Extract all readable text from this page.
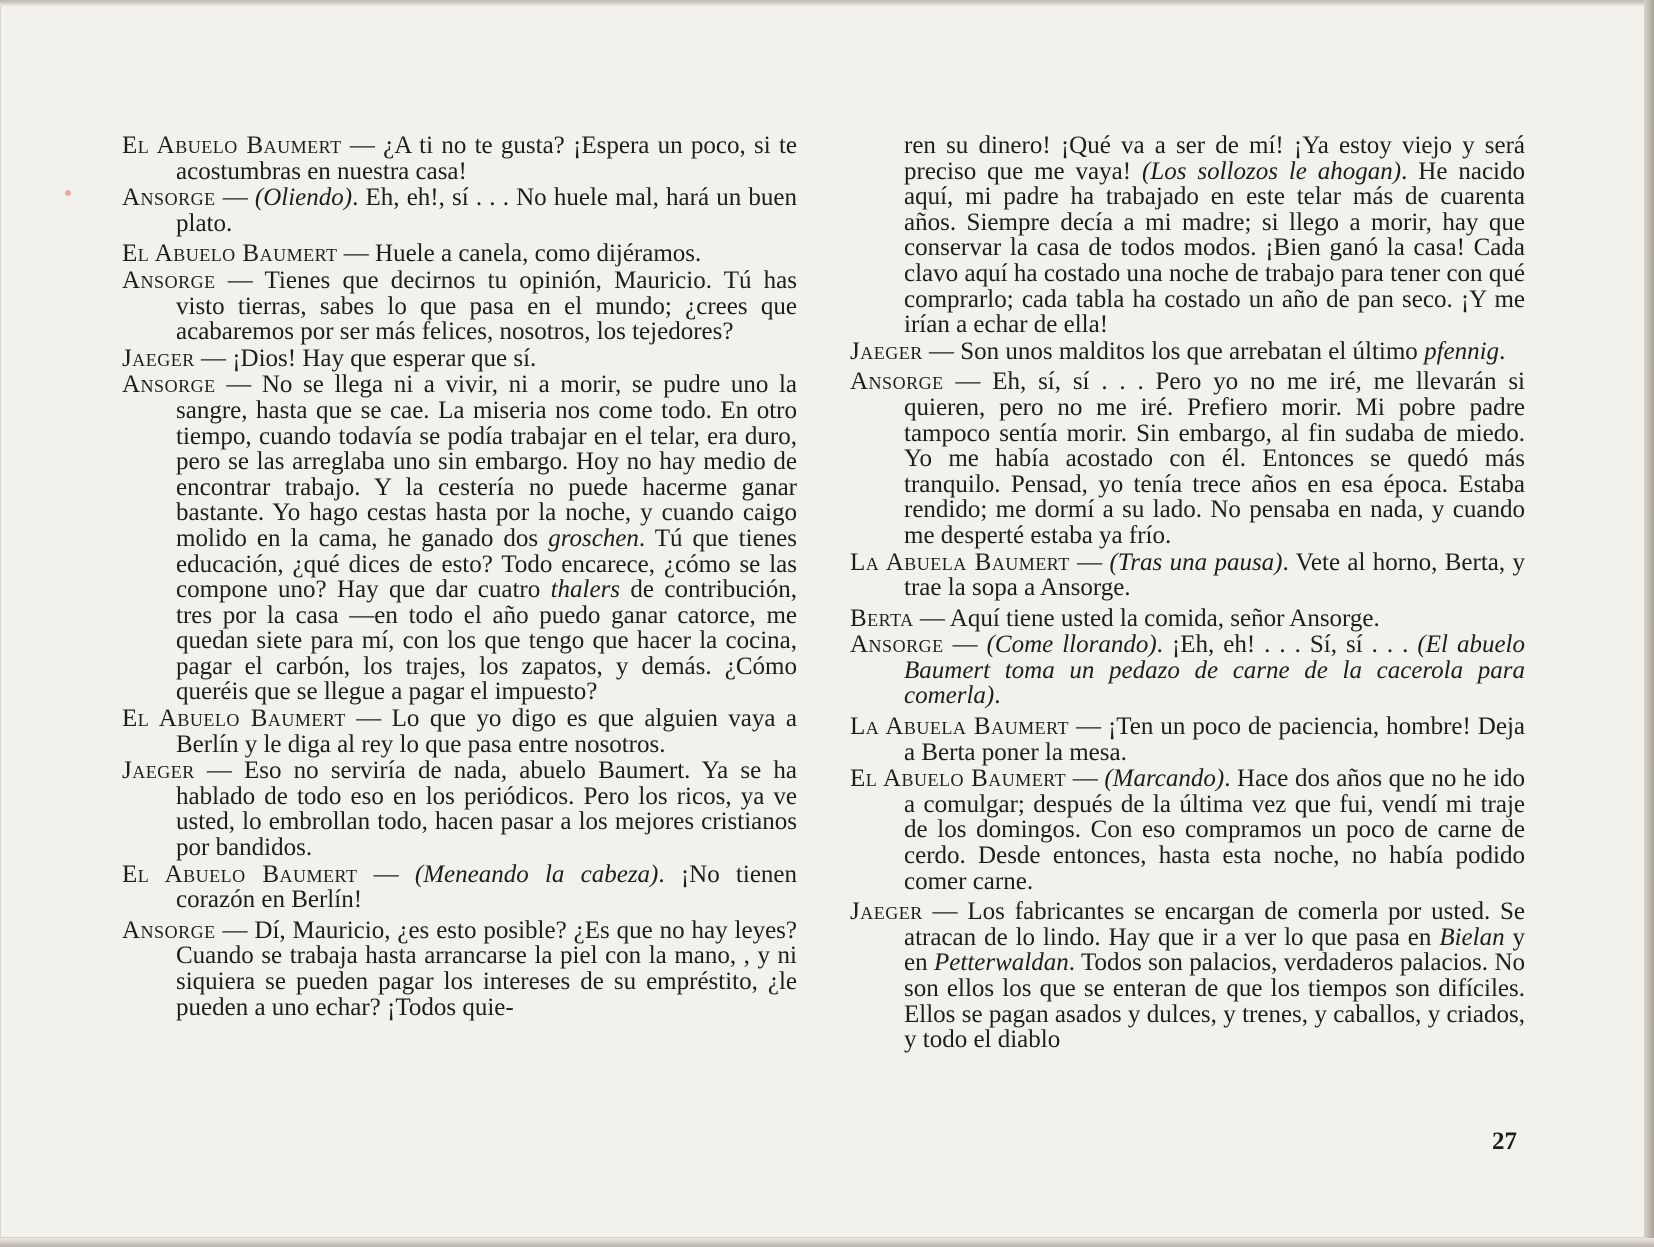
El Abuelo Baumert — ¿A ti no te gusta? ¡Espera un poco, si te acostumbras en nuestra casa!

Ansorge — (Oliendo). Eh, eh!, sí . . . No huele mal, hará un buen plato.

El Abuelo Baumert — Huele a canela, como dijéramos.

Ansorge — Tienes que decirnos tu opinión, Mauricio. Tú has visto tierras, sabes lo que pasa en el mundo; ¿crees que acabaremos por ser más felices, nosotros, los tejedores?

Jaeger — ¡Dios! Hay que esperar que sí.

Ansorge — No se llega ni a vivir, ni a morir, se pudre uno la sangre, hasta que se cae. La miseria nos come todo. En otro tiempo, cuando todavía se podía trabajar en el telar, era duro, pero se las arreglaba uno sin embargo. Hoy no hay medio de encontrar trabajo. Y la cestería no puede hacerme ganar bastante. Yo hago cestas hasta por la noche, y cuando caigo molido en la cama, he ganado dos groschen. Tú que tienes educación, ¿qué dices de esto? Todo encarece, ¿cómo se las compone uno? Hay que dar cuatro thalers de contribución, tres por la casa —en todo el año puedo ganar catorce, me quedan siete para mí, con los que tengo que hacer la cocina, pagar el carbón, los trajes, los zapatos, y demás. ¿Cómo queréis que se llegue a pagar el impuesto?

El Abuelo Baumert — Lo que yo digo es que alguien vaya a Berlín y le diga al rey lo que pasa entre nosotros.

Jaeger — Eso no serviría de nada, abuelo Baumert. Ya se ha hablado de todo eso en los periódicos. Pero los ricos, ya ve usted, lo embrollan todo, hacen pasar a los mejores cristianos por bandidos.

El Abuelo Baumert — (Meneando la cabeza). ¡No tienen corazón en Berlín!

Ansorge — Dí, Mauricio, ¿es esto posible? ¿Es que no hay leyes? Cuando se trabaja hasta arrancarse la piel con la mano, , y ni siquiera se pueden pagar los intereses de su empréstito, ¿le pueden a uno echar? ¡Todos quie-

ren su dinero! ¡Qué va a ser de mí! ¡Ya estoy viejo y será preciso que me vaya! (Los sollozos le ahogan). He nacido aquí, mi padre ha trabajado en este telar más de cuarenta años. Siempre decía a mi madre; si llego a morir, hay que conservar la casa de todos modos. ¡Bien ganó la casa! Cada clavo aquí ha costado una noche de trabajo para tener con qué comprarlo; cada tabla ha costado un año de pan seco. ¡Y me irían a echar de ella!

Jaeger — Son unos malditos los que arrebatan el último pfennig.

Ansorge — Eh, sí, sí . . . Pero yo no me iré, me llevarán si quieren, pero no me iré. Prefiero morir. Mi pobre padre tampoco sentía morir. Sin embargo, al fin sudaba de miedo. Yo me había acostado con él. Entonces se quedó más tranquilo. Pensad, yo tenía trece años en esa época. Estaba rendido; me dormí a su lado. No pensaba en nada, y cuando me desperté estaba ya frío.

La Abuela Baumert — (Tras una pausa). Vete al horno, Berta, y trae la sopa a Ansorge.

Berta — Aquí tiene usted la comida, señor Ansorge.

Ansorge — (Come llorando). ¡Eh, eh! . . . Sí, sí . . . (El abuelo Baumert toma un pedazo de carne de la cacerola para comerla).

La Abuela Baumert — ¡Ten un poco de paciencia, hombre! Deja a Berta poner la mesa.

El Abuelo Baumert — (Marcando). Hace dos años que no he ido a comulgar; después de la última vez que fui, vendí mi traje de los domingos. Con eso compramos un poco de carne de cerdo. Desde entonces, hasta esta noche, no había podido comer carne.

Jaeger — Los fabricantes se encargan de comerla por usted. Se atracan de lo lindo. Hay que ir a ver lo que pasa en Bielan y en Petterwaldan. Todos son palacios, verdaderos palacios. No son ellos los que se enteran de que los tiempos son difíciles. Ellos se pagan asados y dulces, y trenes, y caballos, y criados, y todo el diablo

27
